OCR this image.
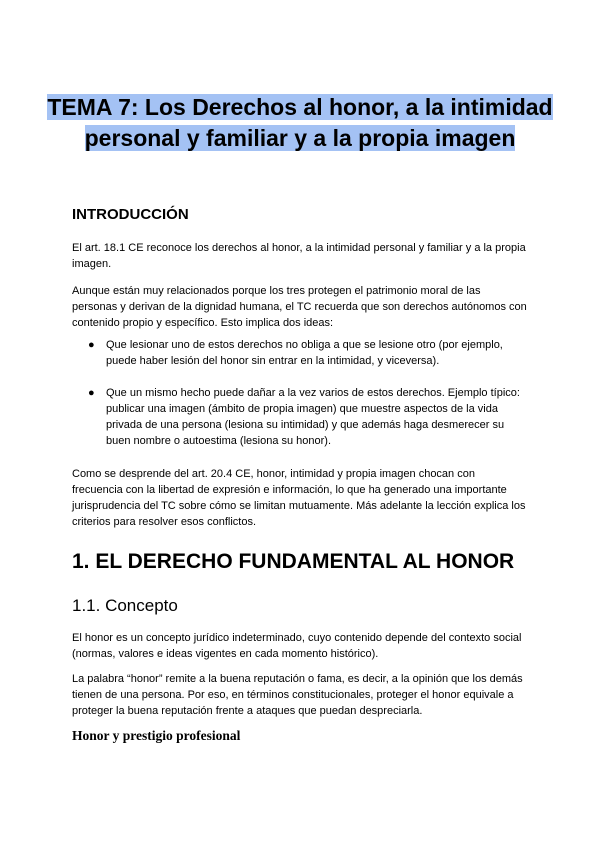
TEMA 7: Los Derechos al honor, a la intimidad personal y familiar y a la propia imagen
INTRODUCCIÓN

El art. 18.1 CE reconoce los derechos al honor, a la intimidad personal y familiar y a la propia imagen.

Aunque están muy relacionados porque los tres protegen el patrimonio moral de las personas y derivan de la dignidad humana, el TC recuerda que son derechos autónomos con contenido propio y específico. Esto implica dos ideas:

● Que lesionar uno de estos derechos no obliga a que se lesione otro (por ejemplo, puede haber lesión del honor sin entrar en la intimidad, y viceversa).
● Que un mismo hecho puede dañar a la vez varios de estos derechos. Ejemplo típico: publicar una imagen (ámbito de propia imagen) que muestre aspectos de la vida privada de una persona (lesiona su intimidad) y que además haga desmerecer su buen nombre o autoestima (lesiona su honor).

Como se desprende del art. 20.4 CE, honor, intimidad y propia imagen chocan con frecuencia con la libertad de expresión e información, lo que ha generado una importante jurisprudencia del TC sobre cómo se limitan mutuamente. Más adelante la lección explica los criterios para resolver esos conflictos.

1. EL DERECHO FUNDAMENTAL AL HONOR
1.1. Concepto

El honor es un concepto jurídico indeterminado, cuyo contenido depende del contexto social (normas, valores e ideas vigentes en cada momento histórico).

La palabra “honor” remite a la buena reputación o fama, es decir, a la opinión que los demás tienen de una persona. Por eso, en términos constitucionales, proteger el honor equivale a proteger la buena reputación frente a ataques que puedan despreciarla.

Honor y prestigio profesional
